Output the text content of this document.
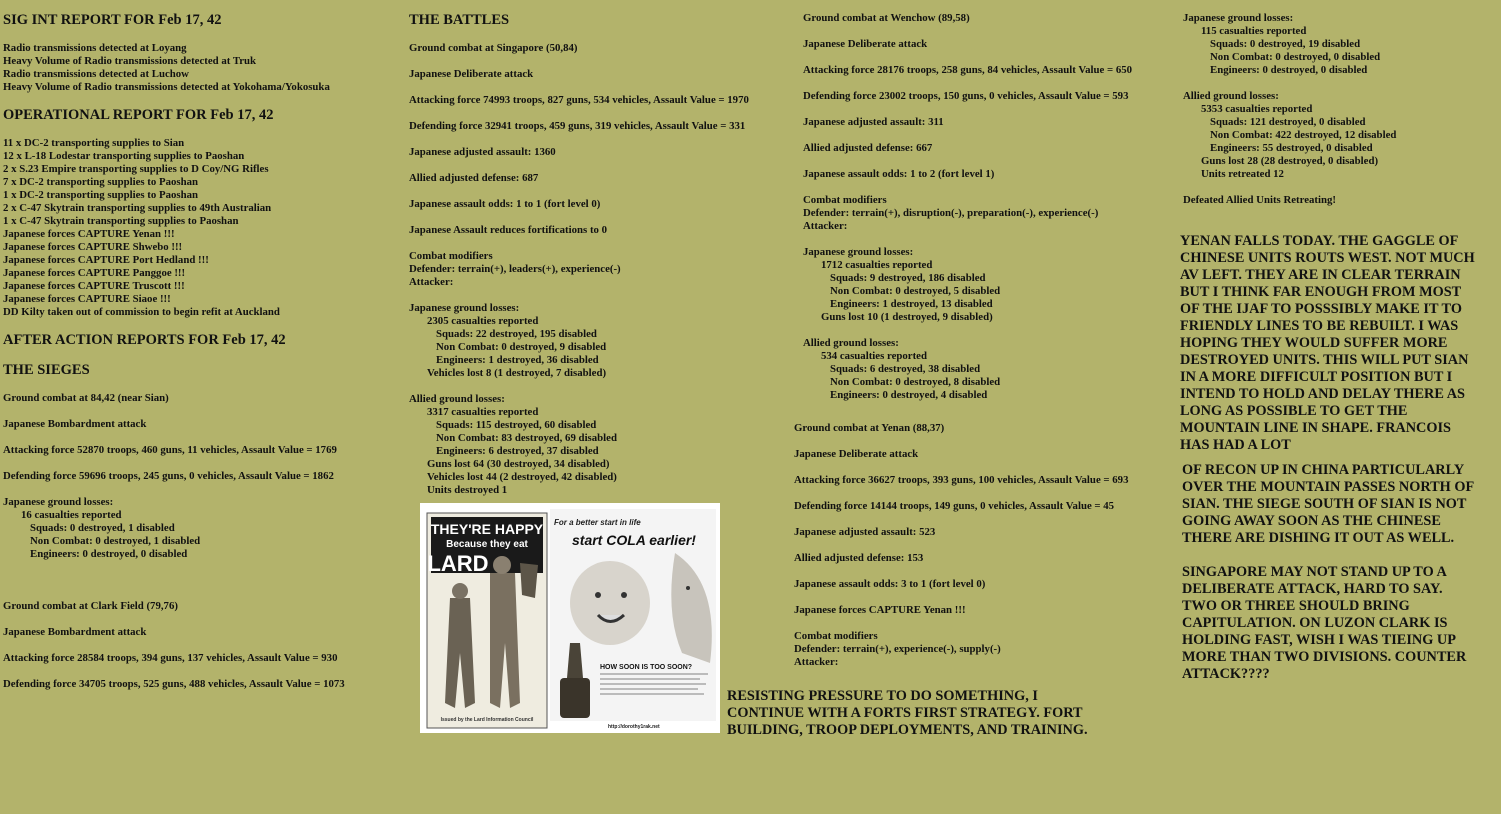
SIG INT REPORT FOR Feb 17, 42
Radio transmissions detected at Loyang
Heavy Volume of Radio transmissions detected at Truk
Radio transmissions detected at Luchow
Heavy Volume of Radio transmissions detected at Yokohama/Yokosuka
OPERATIONAL REPORT FOR Feb 17, 42
11 x DC-2 transporting supplies to Sian
12 x L-18 Lodestar transporting supplies to Paoshan
2 x S.23 Empire transporting supplies to D Coy/NG Rifles
7 x DC-2 transporting supplies to Paoshan
1 x DC-2 transporting supplies to Paoshan
2 x C-47 Skytrain transporting supplies to 49th Australian
1 x C-47 Skytrain transporting supplies to Paoshan
Japanese forces CAPTURE Yenan !!!
Japanese forces CAPTURE Shwebo !!!
Japanese forces CAPTURE Port Hedland !!!
Japanese forces CAPTURE Panggoe !!!
Japanese forces CAPTURE Truscott !!!
Japanese forces CAPTURE Siaoe !!!
DD Kilty taken out of commission to begin refit at Auckland
AFTER ACTION REPORTS FOR Feb 17, 42
THE SIEGES
Ground combat at 84,42 (near Sian)
Japanese Bombardment attack
Attacking force 52870 troops, 460 guns, 11 vehicles, Assault Value = 1769
Defending force 59696 troops, 245 guns, 0 vehicles, Assault Value = 1862
Japanese ground losses:
16 casualties reported
Squads: 0 destroyed, 1 disabled
Non Combat: 0 destroyed, 1 disabled
Engineers: 0 destroyed, 0 disabled
Ground combat at Clark Field (79,76)
Japanese Bombardment attack
Attacking force 28584 troops, 394 guns, 137 vehicles, Assault Value = 930
Defending force 34705 troops, 525 guns, 488 vehicles, Assault Value = 1073
THE BATTLES
Ground combat at Singapore (50,84)
Japanese Deliberate attack
Attacking force 74993 troops, 827 guns, 534 vehicles, Assault Value = 1970
Defending force 32941 troops, 459 guns, 319 vehicles, Assault Value = 331
Japanese adjusted assault: 1360
Allied adjusted defense: 687
Japanese assault odds: 1 to 1 (fort level 0)
Japanese Assault reduces fortifications to 0
Combat modifiers
Defender: terrain(+), leaders(+), experience(-)
Attacker:
Japanese ground losses:
2305 casualties reported
Squads: 22 destroyed, 195 disabled
Non Combat: 0 destroyed, 9 disabled
Engineers: 1 destroyed, 36 disabled
Vehicles lost 8 (1 destroyed, 7 disabled)
Allied ground losses:
3317 casualties reported
Squads: 115 destroyed, 60 disabled
Non Combat: 83 destroyed, 69 disabled
Engineers: 6 destroyed, 37 disabled
Guns lost 64 (30 destroyed, 34 disabled)
Vehicles lost 44 (2 destroyed, 42 disabled)
Units destroyed 1
Ground combat at Wenchow (89,58)
Japanese Deliberate attack
Attacking force 28176 troops, 258 guns, 84 vehicles, Assault Value = 650
Defending force 23002 troops, 150 guns, 0 vehicles, Assault Value = 593
Japanese adjusted assault: 311
Allied adjusted defense: 667
Japanese assault odds: 1 to 2 (fort level 1)
Combat modifiers
Defender: terrain(+), disruption(-), preparation(-), experience(-)
Attacker:
Japanese ground losses:
1712 casualties reported
Squads: 9 destroyed, 186 disabled
Non Combat: 0 destroyed, 5 disabled
Engineers: 1 destroyed, 13 disabled
Guns lost 10 (1 destroyed, 9 disabled)
Allied ground losses:
534 casualties reported
Squads: 6 destroyed, 38 disabled
Non Combat: 0 destroyed, 8 disabled
Engineers: 0 destroyed, 4 disabled
Ground combat at Yenan (88,37)
Japanese Deliberate attack
Attacking force 36627 troops, 393 guns, 100 vehicles, Assault Value = 693
Defending force 14144 troops, 149 guns, 0 vehicles, Assault Value = 45
Japanese adjusted assault: 523
Allied adjusted defense: 153
Japanese assault odds: 3 to 1 (fort level 0)
Japanese forces CAPTURE Yenan !!!
Combat modifiers
Defender: terrain(+), experience(-), supply(-)
Attacker:
Japanese ground losses:
115 casualties reported
Squads: 0 destroyed, 19 disabled
Non Combat: 0 destroyed, 0 disabled
Engineers: 0 destroyed, 0 disabled
Allied ground losses:
5353 casualties reported
Squads: 121 destroyed, 0 disabled
Non Combat: 422 destroyed, 12 disabled
Engineers: 55 destroyed, 0 disabled
Guns lost 28 (28 destroyed, 0 disabled)
Units retreated 12
Defeated Allied Units Retreating!
YENAN FALLS TODAY. THE GAGGLE OF
CHINESE UNITS ROUTS WEST. NOT MUCH
AV LEFT. THEY ARE IN CLEAR TERRAIN
BUT I THINK FAR ENOUGH FROM MOST
OF THE IJAF TO POSSSIBLY MAKE IT TO
FRIENDLY LINES TO BE REBUILT. I WAS
HOPING THEY WOULD SUFFER MORE
DESTROYED UNITS. THIS WILL PUT SIAN
IN A MORE DIFFICULT POSITION BUT I
INTEND TO HOLD AND DELAY THERE AS
LONG AS POSSIBLE TO GET THE
MOUNTAIN LINE IN SHAPE. FRANCOIS
HAS HAD A LOT
OF RECON UP IN CHINA PARTICULARLY
OVER THE MOUNTAIN PASSES NORTH OF
SIAN. THE SIEGE SOUTH OF SIAN IS NOT
GOING AWAY SOON AS THE CHINESE
THERE ARE DISHING IT OUT AS WELL.
SINGAPORE MAY NOT STAND UP TO A
DELIBERATE ATTACK, HARD TO SAY.
TWO OR THREE SHOULD BRING
CAPITULATION. ON LUZON CLARK IS
HOLDING FAST, WISH I WAS TIEING UP
MORE THAN TWO DIVISIONS. COUNTER
ATTACK????
RESISTING PRESSURE TO DO SOMETHING, I
CONTINUE WITH A FORTS FIRST STRATEGY. FORT
BUILDING, TROOP DEPLOYMENTS, AND TRAINING.
THEY'RE HAPPY
Because they eat
LARD
Issued by the Lard Information Council
For a better start in life
start COLA earlier!
HOW SOON IS TOO SOON?
http://dorothy1rak.net
